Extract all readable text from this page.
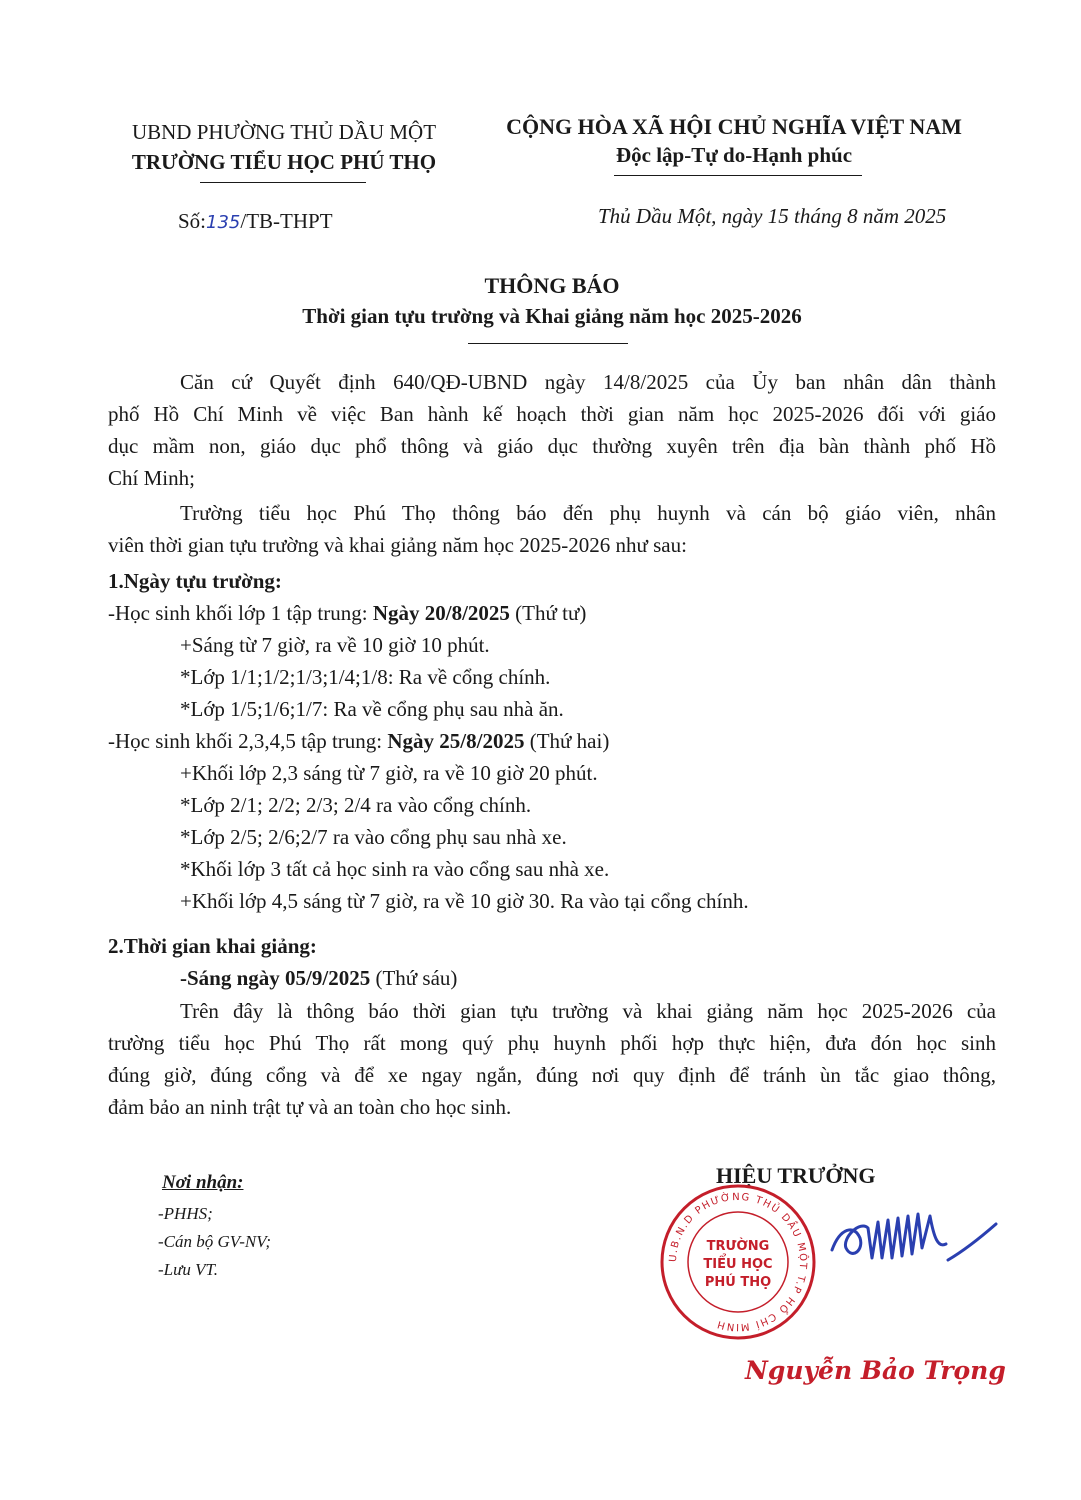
UBND PHƯỜNG THỦ DẦU MỘT
TRƯỜNG TIỂU HỌC PHÚ THỌ
CỘNG HÒA XÃ HỘI CHỦ NGHĨA VIỆT NAM
Độc lập-Tự do-Hạnh phúc
Số:135/TB-THPT	Thủ Dầu Một, ngày 15 tháng 8 năm 2025
THÔNG BÁO
Thời gian tựu trường và Khai giảng năm học 2025-2026
Căn cứ Quyết định 640/QĐ-UBND ngày 14/8/2025 của Ủy ban nhân dân thành
phố Hồ Chí Minh về việc Ban hành kế hoạch thời gian năm học 2025-2026 đối với giáo
dục mầm non, giáo dục phổ thông và giáo dục thường xuyên trên địa bàn thành phố Hồ
Chí Minh;
Trường tiểu học Phú Thọ thông báo đến phụ huynh và cán bộ giáo viên, nhân
viên thời gian tựu trường và khai giảng năm học 2025-2026 như sau:
1.Ngày tựu trường:
-Học sinh khối lớp 1 tập trung: Ngày 20/8/2025 (Thứ tư)
+Sáng từ 7 giờ, ra về 10 giờ 10 phút.
*Lớp 1/1;1/2;1/3;1/4;1/8: Ra về cổng chính.
*Lớp 1/5;1/6;1/7: Ra về cổng phụ sau nhà ăn.
-Học sinh khối 2,3,4,5 tập trung: Ngày 25/8/2025 (Thứ hai)
+Khối lớp 2,3 sáng từ 7 giờ, ra về 10 giờ 20 phút.
*Lớp 2/1; 2/2; 2/3; 2/4 ra vào cổng chính.
*Lớp 2/5; 2/6;2/7 ra vào cổng phụ sau nhà xe.
*Khối lớp 3 tất cả học sinh ra vào cổng sau nhà xe.
+Khối lớp 4,5 sáng từ 7 giờ, ra về 10 giờ 30. Ra vào tại cổng chính.
2.Thời gian khai giảng:
-Sáng ngày 05/9/2025 (Thứ sáu)
Trên đây là thông báo thời gian tựu trường và khai giảng năm học 2025-2026 của
trường tiểu học Phú Thọ rất mong quý phụ huynh phối hợp thực hiện, đưa đón học sinh
đúng giờ, đúng cổng và để xe ngay ngắn, đúng nơi quy định để tránh ùn tắc giao thông,
đảm bảo an ninh trật tự và an toàn cho học sinh.
Nơi nhận:
-PHHS;
-Cán bộ GV-NV;
-Lưu VT.
HIỆU TRƯỞNG
U.B.N.D PHƯỜNG THỦ DẦU MỘT T.P HỒ CHÍ MINH
TRƯỜNG
TIỂU HỌC
PHÚ THỌ
Nguyễn Bảo Trọng
